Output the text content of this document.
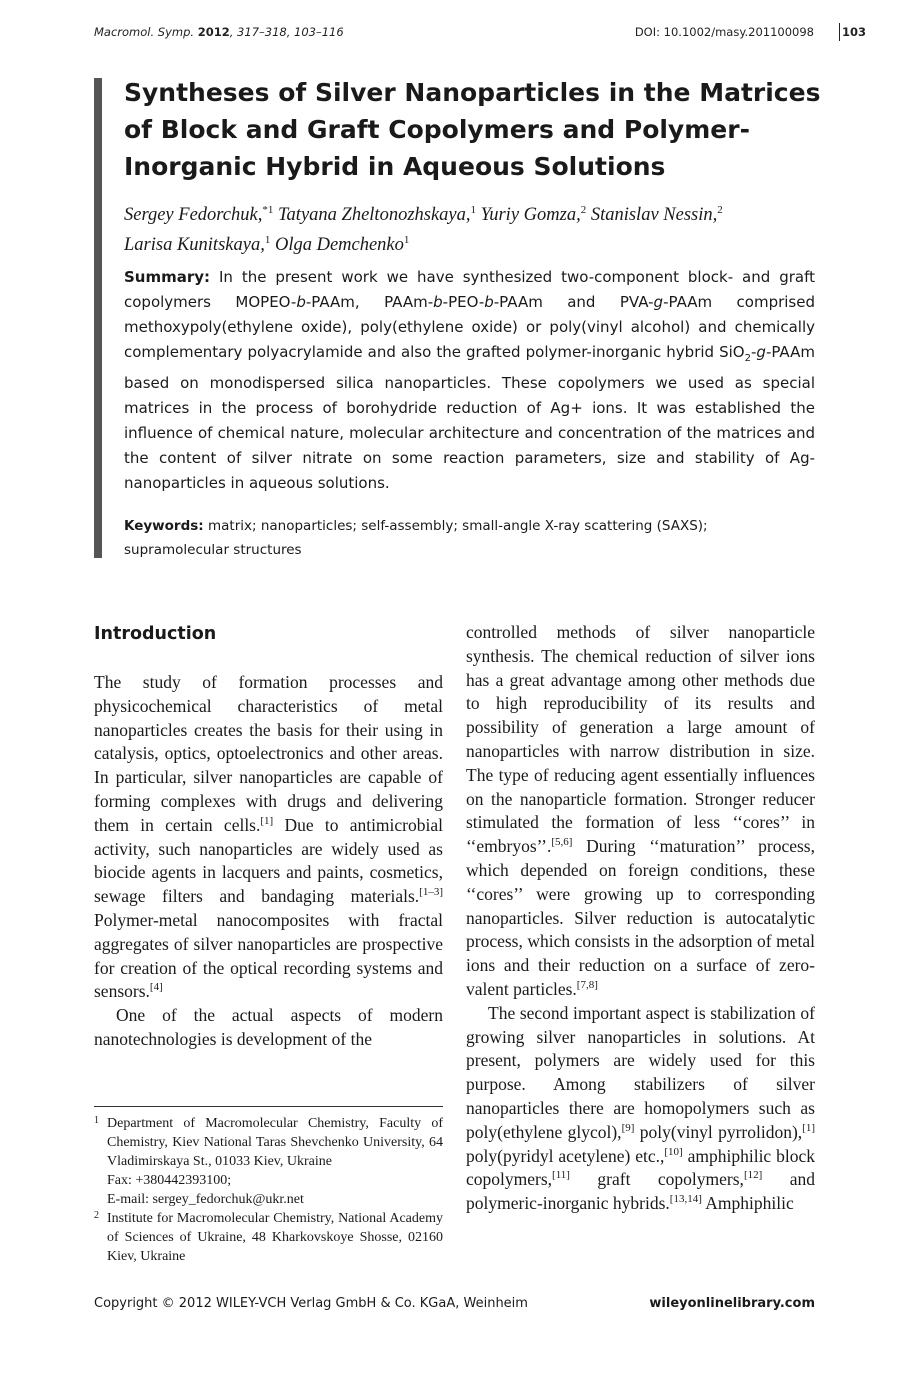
Macromol. Symp. 2012, 317–318, 103–116	DOI: 10.1002/masy.201100098 103
Syntheses of Silver Nanoparticles in the Matrices of Block and Graft Copolymers and Polymer-Inorganic Hybrid in Aqueous Solutions
Sergey Fedorchuk,$^{*1}$ Tatyana Zheltonozhskaya,$^1$ Yuriy Gomza,$^2$ Stanislav Nessin,$^2$
Larisa Kunitskaya,$^1$ Olga Demchenko$^1$
Summary: In the present work we have synthesized two-component block- and graft copolymers MOPEO-b-PAAm, PAAm-b-PEO-b-PAAm and PVA-g-PAAm comprised methoxypoly(ethylene oxide), poly(ethylene oxide) or poly(vinyl alcohol) and chemically complementary polyacrylamide and also the grafted polymer-inorganic hybrid SiO$_2$-g-PAAm based on monodispersed silica nanoparticles. These copolymers we used as special matrices in the process of borohydride reduction of Ag+ ions. It was established the influence of chemical nature, molecular architecture and concentration of the matrices and the content of silver nitrate on some reaction parameters, size and stability of Ag-nanoparticles in aqueous solutions.
Keywords: matrix; nanoparticles; self-assembly; small-angle X-ray scattering (SAXS); supramolecular structures

Introduction

The study of formation processes and physicochemical characteristics of metal nanoparticles creates the basis for their using in catalysis, optics, optoelectronics and other areas. In particular, silver nanoparticles are capable of forming complexes with drugs and delivering them in certain cells.[1] Due to antimicrobial activity, such nanoparticles are widely used as biocide agents in lacquers and paints, cosmetics, sewage filters and bandaging materials.[1–3] Polymer-metal nanocomposites with fractal aggregates of silver nanoparticles are prospective for creation of the optical recording systems and sensors.[4]

One of the actual aspects of modern nanotechnologies is development of the

1 Department of Macromolecular Chemistry, Faculty of Chemistry, Kiev National Taras Shevchenko University, 64 Vladimirskaya St., 01033 Kiev, Ukraine
Fax: +380442393100;
E-mail: sergey_fedorchuk@ukr.net

2 Institute for Macromolecular Chemistry, National Academy of Sciences of Ukraine, 48 Kharkovskoye Shosse, 02160 Kiev, Ukraine

controlled methods of silver nanoparticle synthesis. The chemical reduction of silver ions has a great advantage among other methods due to high reproducibility of its results and possibility of generation a large amount of nanoparticles with narrow distribution in size. The type of reducing agent essentially influences on the nanoparticle formation. Stronger reducer stimulated the formation of less ‘‘cores’’ in ‘‘embryos’’.[5,6] During ‘‘maturation’’ process, which depended on foreign conditions, these ‘‘cores’’ were growing up to corresponding nanoparticles. Silver reduction is autocatalytic process, which consists in the adsorption of metal ions and their reduction on a surface of zero-valent particles.[7,8]

The second important aspect is stabilization of growing silver nanoparticles in solutions. At present, polymers are widely used for this purpose. Among stabilizers of silver nanoparticles there are homopolymers such as poly(ethylene glycol),[9] poly(vinyl pyrrolidon),[1] poly(pyridyl acetylene) etc.,[10] amphiphilic block copolymers,[11] graft copolymers,[12] and polymeric-inorganic hybrids.[13,14] Amphiphilic

Copyright © 2012 WILEY-VCH Verlag GmbH & Co. KGaA, Weinheim	wileyonlinelibrary.com
